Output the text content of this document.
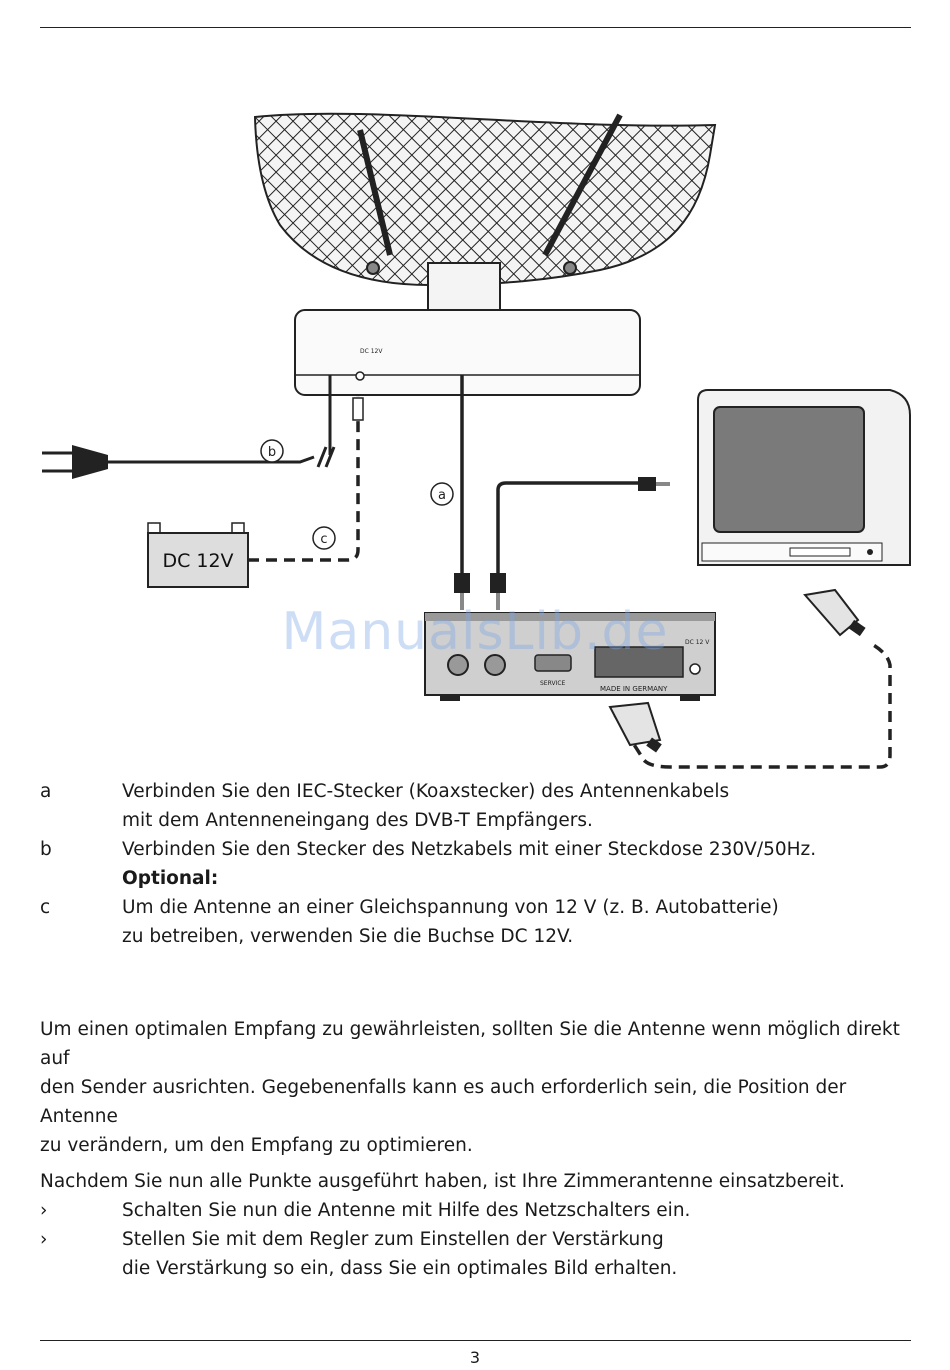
DC 12V
b
DC 12V
c
a
SERVICE
MADE IN GERMANY
DC 12 V
ManualsLib.de
a	Verbinden Sie den IEC-Stecker (Koaxstecker) des Antennenkabels
mit dem Antenneneingang des DVB-T Empfängers.
b	Verbinden Sie den Stecker des Netzkabels mit einer Steckdose 230V/50Hz.
Optional:
c	Um die Antenne an einer Gleichspannung von 12 V (z. B. Autobatterie)
zu betreiben, verwenden Sie die Buchse DC 12V.
Um einen optimalen Empfang zu gewährleisten, sollten Sie die Antenne wenn möglich direkt auf
den Sender ausrichten. Gegebenenfalls kann es auch erforderlich sein, die Position der Antenne
zu verändern, um den Empfang zu optimieren.
Nachdem Sie nun alle Punkte ausgeführt haben, ist Ihre Zimmerantenne einsatzbereit.
›	Schalten Sie nun die Antenne mit Hilfe des Netzschalters ein.
›	Stellen Sie mit dem Regler zum Einstellen der Verstärkung
die Verstärkung so ein, dass Sie ein optimales Bild erhalten.
3
